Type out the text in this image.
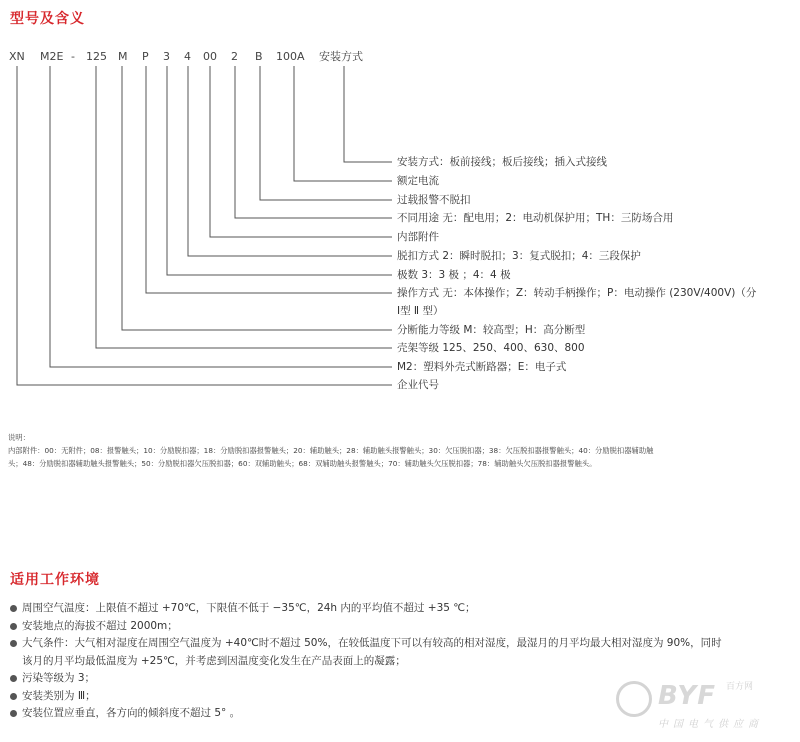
型号及含义
XN M2E - 125 M P 3 4 00 2 B 100A 安装方式
安装方式：板前接线；板后接线；插入式接线
额定电流
过载报警不脱扣
不同用途 无：配电用；2：电动机保护用；TH：三防场合用
内部附件
脱扣方式 2：瞬时脱扣；3：复式脱扣；4：三段保护
极数 3：3 极 ；4：4 极
操作方式 无：本体操作；Z：转动手柄操作；P：电动操作 (230V/400V)（分
Ⅰ型 Ⅱ 型）
分断能力等级 M：较高型；H：高分断型
壳架等级 125、250、400、630、800
M2：塑料外壳式断路器；E：电子式
企业代号
说明：
内部附件：00：无附件；08：报警触头；10：分励脱扣器；18：分励脱扣器报警触头；20：辅助触头；28：辅助触头报警触头；30：欠压脱扣器；38：欠压脱扣器报警触头；40：分励脱扣器辅助触
头；48：分励脱扣器辅助触头报警触头；50：分励脱扣器欠压脱扣器；60：双辅助触头；68：双辅助触头报警触头；70：辅助触头欠压脱扣器；78：辅助触头欠压脱扣器报警触头。
适用工作环境
周围空气温度：上限值不超过 +70℃，下限值不低于 −35℃，24h 内的平均值不超过 +35 ℃；
安装地点的海拔不超过 2000m；
大气条件：大气相对湿度在周围空气温度为 +40℃时不超过 50%，在较低温度下可以有较高的相对湿度，最湿月的月平均最大相对湿度为 90%，同时
该月的月平均最低温度为 +25℃，并考虑到因温度变化发生在产品表面上的凝露；
污染等级为 3；
安装类别为 Ⅲ；
安装位置应垂直，各方向的倾斜度不超过 5° 。
BYF 百方网
中国电气供应商
